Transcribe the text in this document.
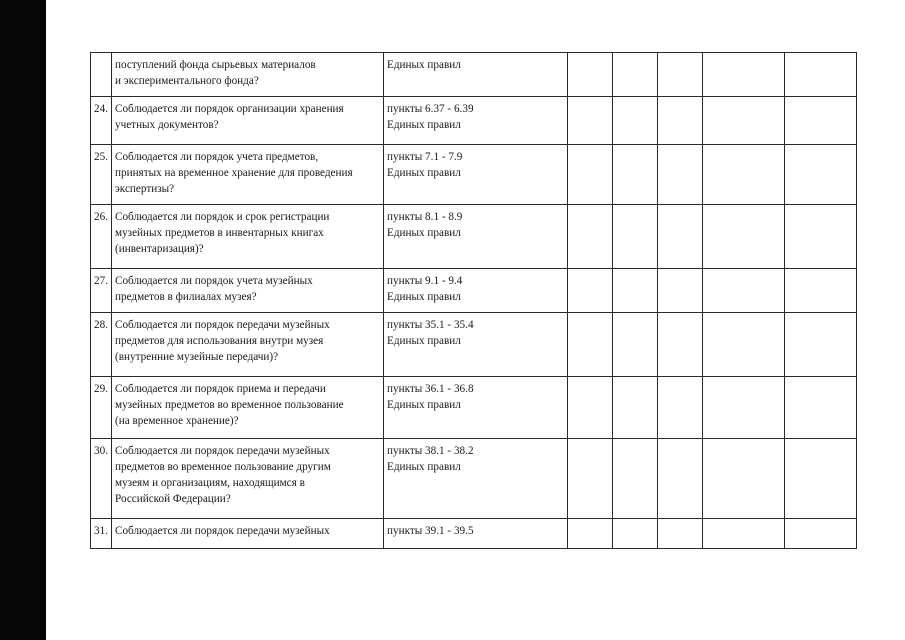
	поступлений фонда сырьевых материалов
и экспериментального фонда?	Единых правил					
24.	Соблюдается ли порядок организации хранения
учетных документов?	пункты 6.37 - 6.39
Единых правил					
25.	Соблюдается ли порядок учета предметов,
принятых на временное хранение для проведения
экспертизы?	пункты 7.1 - 7.9
Единых правил					
26.	Соблюдается ли порядок и срок регистрации
музейных предметов в инвентарных книгах
(инвентаризация)?	пункты 8.1 - 8.9
Единых правил					
27.	Соблюдается ли порядок учета музейных
предметов в филиалах музея?	пункты 9.1 - 9.4
Единых правил					
28.	Соблюдается ли порядок передачи музейных
предметов для использования внутри музея
(внутренние музейные передачи)?	пункты 35.1 - 35.4
Единых правил					
29.	Соблюдается ли порядок приема и передачи
музейных предметов во временное пользование
(на временное хранение)?	пункты 36.1 - 36.8
Единых правил					
30.	Соблюдается ли порядок передачи музейных
предметов во временное пользование другим
музеям и организациям, находящимся в
Российской Федерации?	пункты 38.1 - 38.2
Единых правил					
31.	Соблюдается ли порядок передачи музейных	пункты 39.1 - 39.5					
